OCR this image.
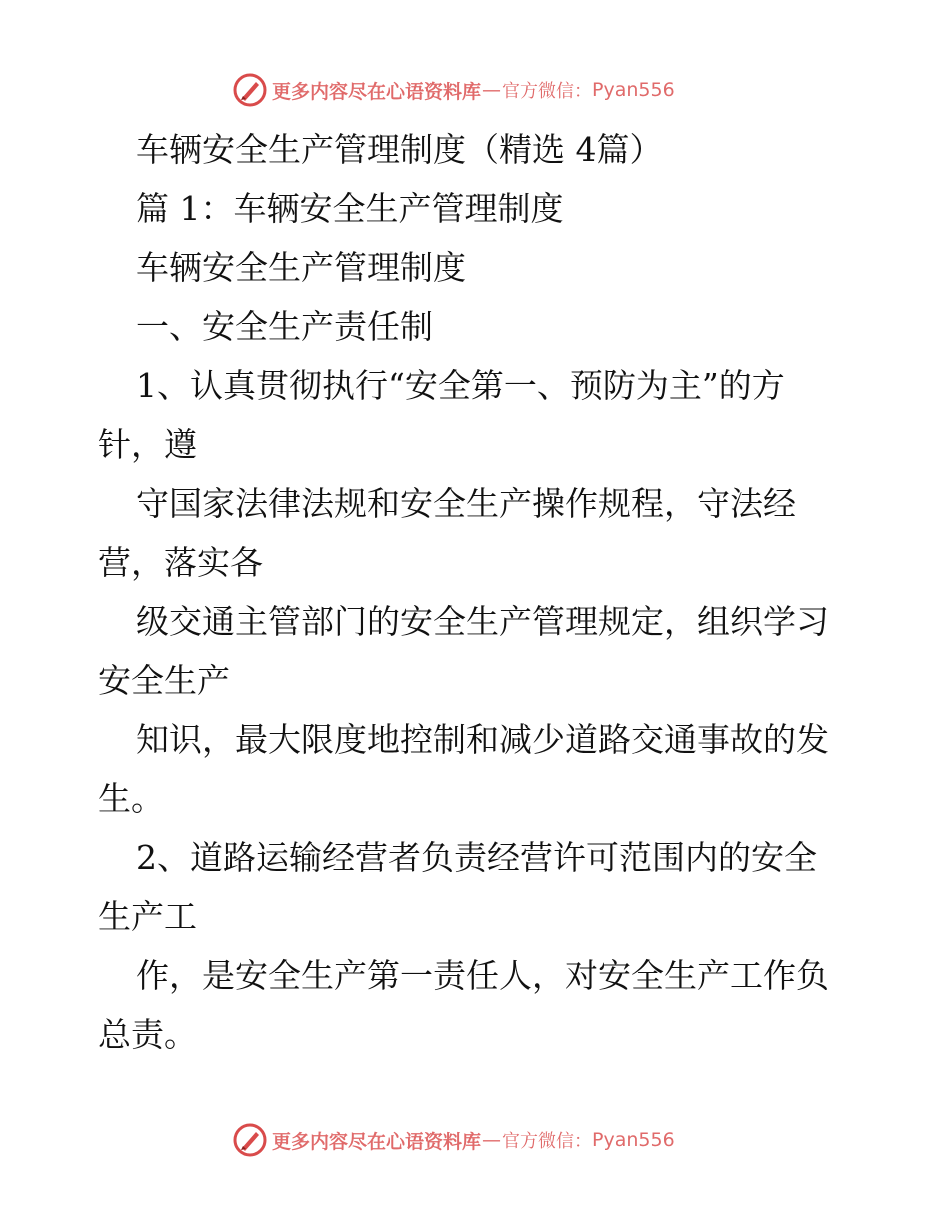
更多内容尽在心语资料库 — 官方微信： Pyan556
车辆安全生产管理制度（精选 4篇）
篇 1：车辆安全生产管理制度
车辆安全生产管理制度
一、安全生产责任制
1、认真贯彻执行“安全第一、预防为主”的方
针，遵
守国家法律法规和安全生产操作规程，守法经
营，落实各
级交通主管部门的安全生产管理规定，组织学习
安全生产
知识，最大限度地控制和减少道路交通事故的发
生。
2、道路运输经营者负责经营许可范围内的安全
生产工
作，是安全生产第一责任人，对安全生产工作负
总责。
更多内容尽在心语资料库 — 官方微信： Pyan556
